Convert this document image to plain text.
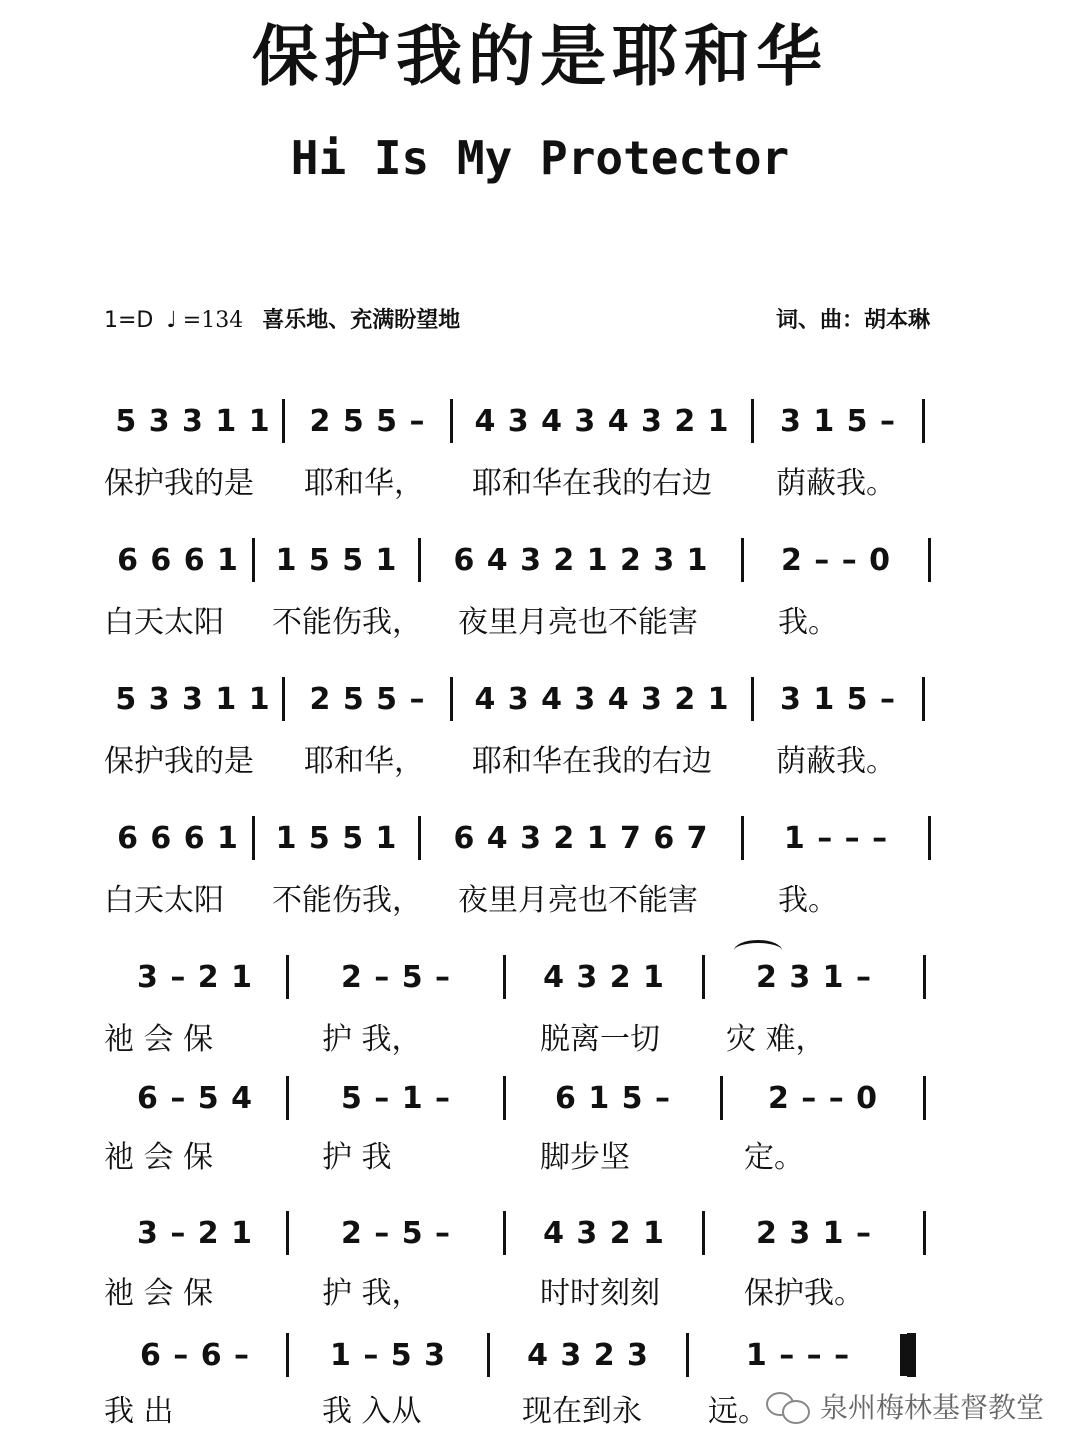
保护我的是耶和华
Hi Is My Protector
1=D ♩ =134 喜乐地、充满盼望地	词、曲：胡本琳
5 3 3 1 1	2 5 5 –	4 3 4 3 4 3 2 1	3 1 5 –
保护我的是	耶和华，	耶和华在我的右边	荫蔽我。
6 6 6 1	1 5 5 1	6 4 3 2 1 2 3 1	2 – – 0
白天太阳	不能伤我，	夜里月亮也不能害	我。
5 3 3 1 1	2 5 5 –	4 3 4 3 4 3 2 1	3 1 5 –
保护我的是	耶和华，	耶和华在我的右边	荫蔽我。
6 6 6 1	1 5 5 1	6 4 3 2 1 7 6 7	1 – – –
白天太阳	不能伤我，	夜里月亮也不能害	我。
3 – 2 1	2 – 5 –	4 3 2 1	2 3 1 –
祂 会 保	护 我，	脱离一切	灾 难，
6 – 5 4	5 – 1 –	6 1 5 –	2 – – 0
祂 会 保	护 我	脚步坚	定。
3 – 2 1	2 – 5 –	4 3 2 1	2 3 1 –
祂 会 保	护 我，	时时刻刻	保护我。
6 – 6 –	1 – 5 3	4 3 2 3	1 – – –
我 出	我 入从	现在到永	远。	泉州梅林基督教堂
